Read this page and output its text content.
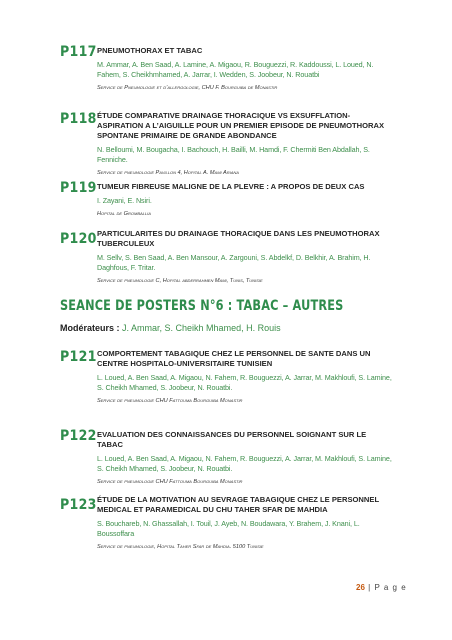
P117 PNEUMOTHORAX ET TABAC
M. Ammar, A. Ben Saad, A. Lamine, A. Migaou, R. Bouguezzi, R. Kaddoussi, L. Loued, N. Fahem, S. Cheikhmhamed, A. Jarrar, I. Wedden, S. Joobeur, N. Rouatbi
Service de Pneumologie et d’allergologie, CHU F. Bourguiba de Monastir
P118 ÉTUDE COMPARATIVE DRAINAGE THORACIQUE VS EXSUFFLATION-ASPIRATION A L’AIGUILLE POUR UN PREMIER EPISODE DE PNEUMOTHORAX SPONTANE PRIMAIRE DE GRANDE ABONDANCE
N. Belloumi, M. Bougacha, I. Bachouch, H. Bailli, M. Hamdi, F. Chermiti Ben Abdallah, S. Fenniche.
Service de pneumologie Pavillon 4, Hopital A. Mami Ariana
P119 TUMEUR FIBREUSE MALIGNE DE LA PLEVRE : A PROPOS DE DEUX CAS
I. Zayani, E. Nsiri.
Hopital de Gromballia
P120 PARTICULARITES DU DRAINAGE THORACIQUE DANS LES PNEUMOTHORAX TUBERCULEUX
M. Sellv, S. Ben Saad, A. Ben Mansour, A. Zargouni, S. Abdelkf, D. Belkhir, A. Brahim, H. Daghfous, F. Tritar.
Service de pneumologie C, Hopital abderrahmen Mami, Tunis, Tunisie
SEANCE DE POSTERS N°6 : TABAC – AUTRES
Modérateurs : J. Ammar, S. Cheikh Mhamed, H. Rouis
P121 COMPORTEMENT TABAGIQUE CHEZ LE PERSONNEL DE SANTE DANS UN CENTRE HOSPITALO-UNIVERSITAIRE TUNISIEN
L. Loued, A. Ben Saad, A. Migaou, N. Fahem, R. Bouguezzi, A. Jarrar, M. Makhloufi, S. Lamine, S. Cheikh Mhamed, S. Joobeur, N. Rouatbi.
Service de pneumologie CHU Fattouma Bourguiba Monastir
P122 EVALUATION DES CONNAISSANCES DU PERSONNEL SOIGNANT SUR LE TABAC
L. Loued, A. Ben Saad, A. Migaou, N. Fahem, R. Bouguezzi, A. Jarrar, M. Makhloufi, S. Lamine, S. Cheikh Mhamed, S. Joobeur, N. Rouatbi.
Service de pneumologie CHU Fattouma Bourguiba Monastir
P123 ÉTUDE DE LA MOTIVATION AU SEVRAGE TABAGIQUE CHEZ LE PERSONNEL MEDICAL ET PARAMEDICAL DU CHU TAHER SFAR DE MAHDIA
S. Bouchareb, N. Ghassallah, I. Touil, J. Ayeb, N. Boudawara, Y. Brahem, J. Knani, L. Boussoffara
Service de pneumologie, Hopital Taher Sfar de Mahdia. 5100 Tunisie
26 | P a g e
